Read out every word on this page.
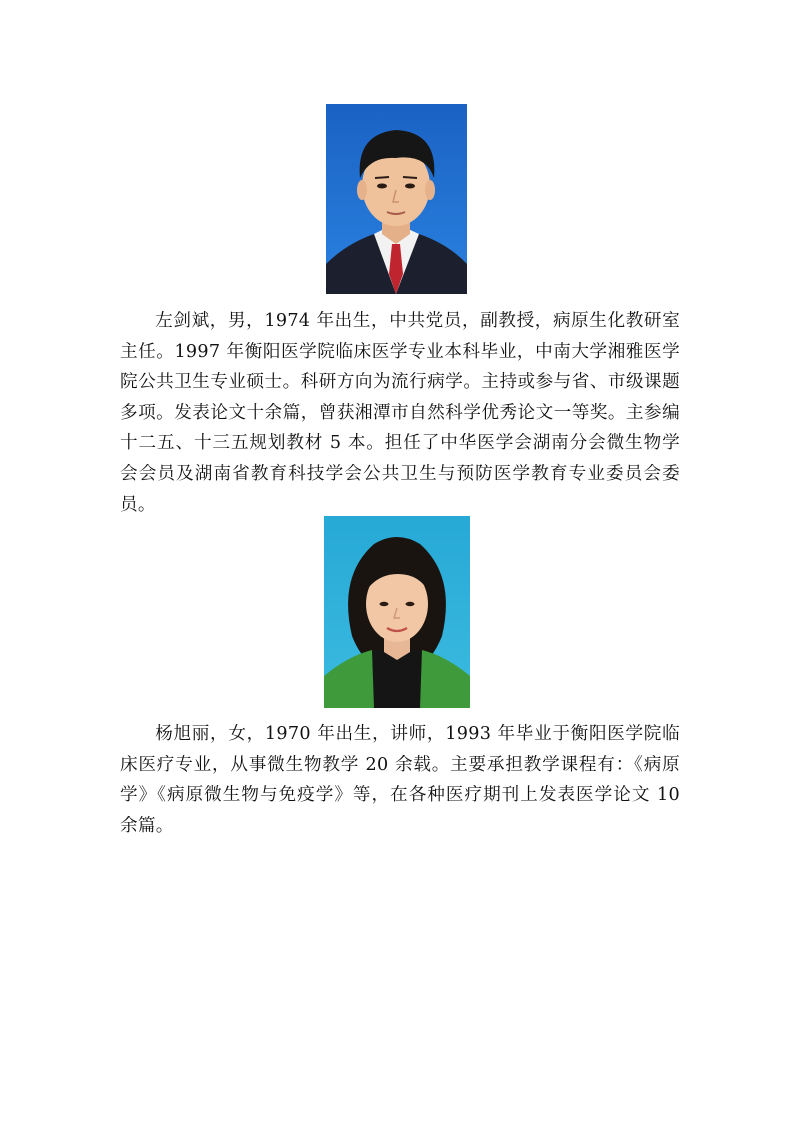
左剑斌，男，1974 年出生，中共党员，副教授，病原生化教研室主任。1997 年衡阳医学院临床医学专业本科毕业，中南大学湘雅医学院公共卫生专业硕士。科研方向为流行病学。主持或参与省、市级课题多项。发表论文十余篇，曾获湘潭市自然科学优秀论文一等奖。主参编十二五、十三五规划教材 5 本。担任了中华医学会湖南分会微生物学会会员及湖南省教育科技学会公共卫生与预防医学教育专业委员会委员。

杨旭丽，女，1970 年出生，讲师，1993 年毕业于衡阳医学院临床医疗专业，从事微生物教学 20 余载。主要承担教学课程有：《病原学》《病原微生物与免疫学》等，在各种医疗期刊上发表医学论文 10 余篇。
